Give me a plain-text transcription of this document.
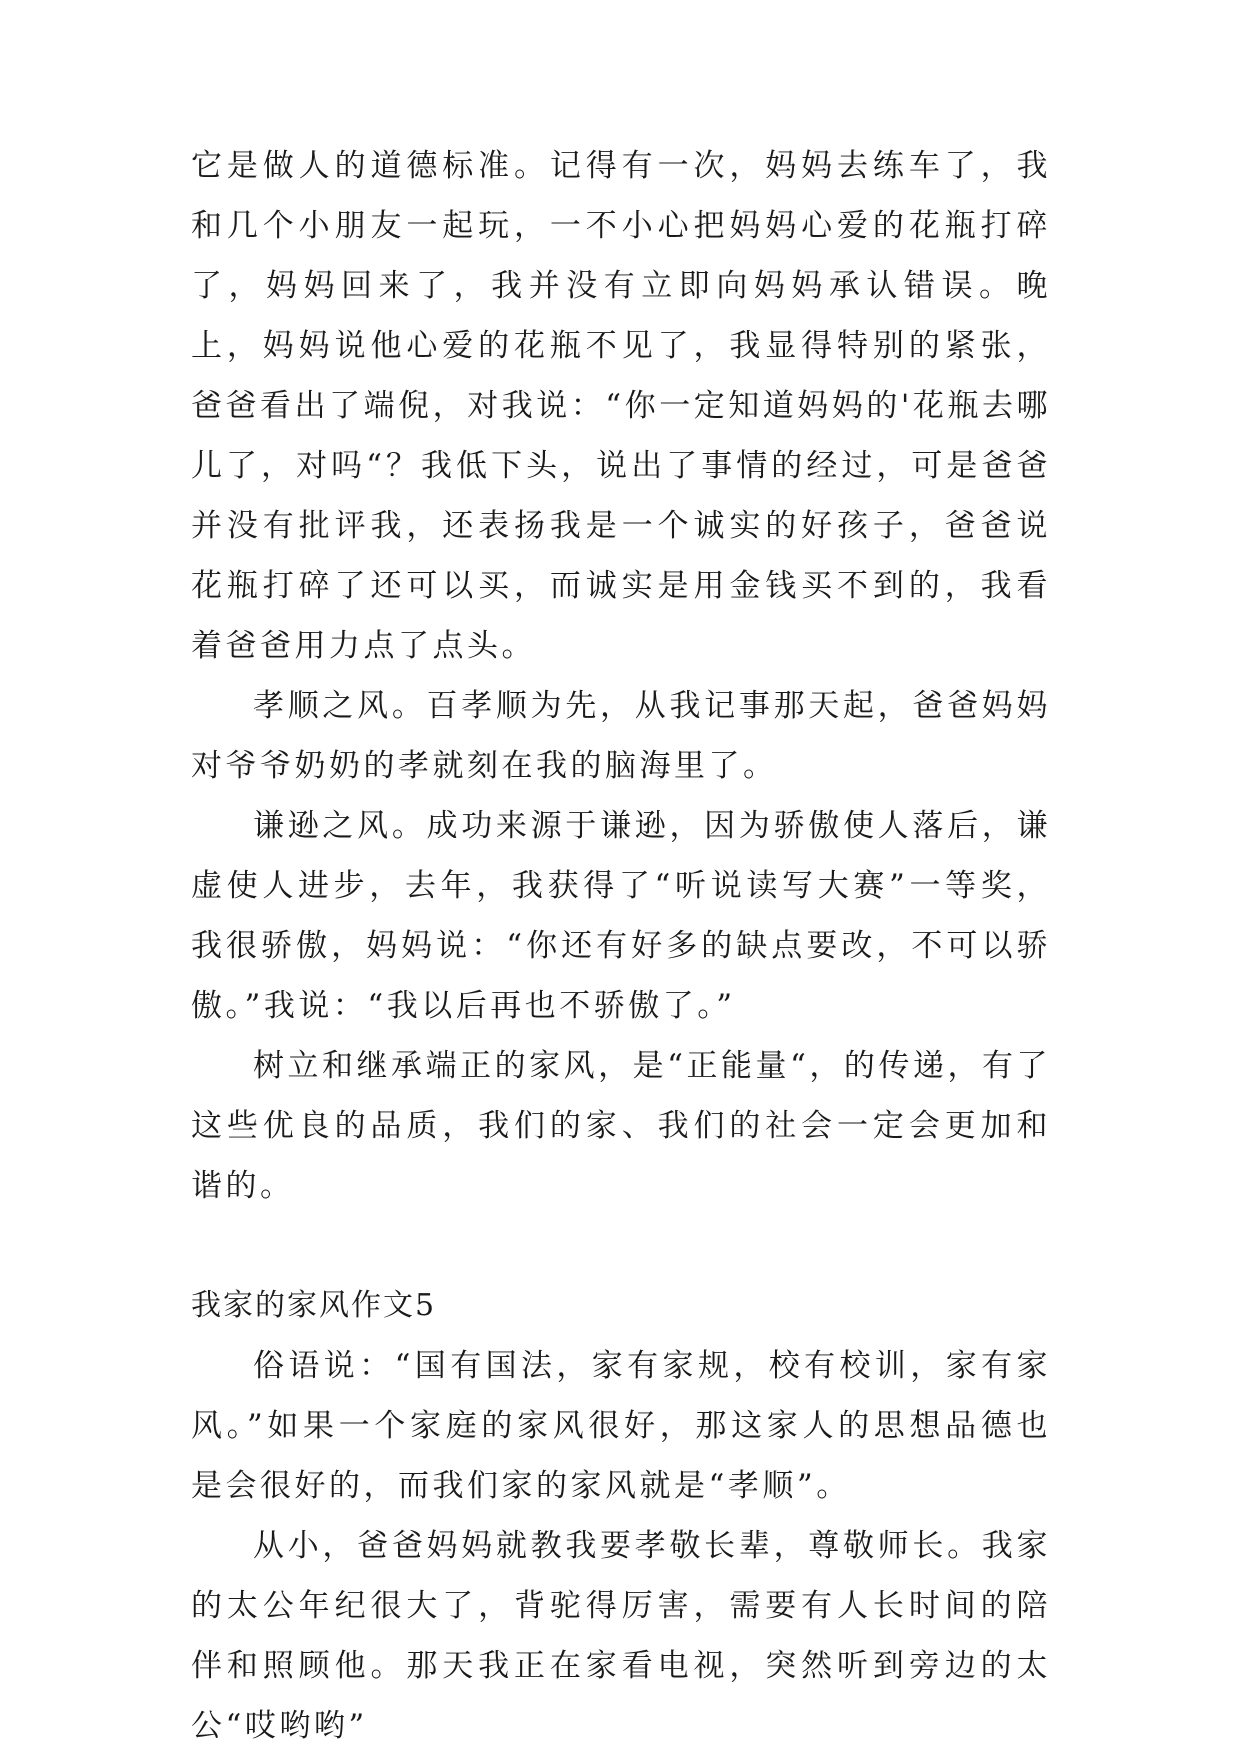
它是做人的道德标准。记得有一次，妈妈去练车了，我和几个小朋友一起玩，一不小心把妈妈心爱的花瓶打碎了，妈妈回来了，我并没有立即向妈妈承认错误。晚上，妈妈说他心爱的花瓶不见了，我显得特别的紧张，爸爸看出了端倪，对我说：“你一定知道妈妈的'花瓶去哪儿了，对吗“？我低下头，说出了事情的经过，可是爸爸并没有批评我，还表扬我是一个诚实的好孩子，爸爸说花瓶打碎了还可以买，而诚实是用金钱买不到的，我看着爸爸用力点了点头。

孝顺之风。百孝顺为先，从我记事那天起，爸爸妈妈对爷爷奶奶的孝就刻在我的脑海里了。

谦逊之风。成功来源于谦逊，因为骄傲使人落后，谦虚使人进步，去年，我获得了“听说读写大赛”一等奖，我很骄傲，妈妈说：“你还有好多的缺点要改，不可以骄傲。”我说：“我以后再也不骄傲了。”

树立和继承端正的家风，是“正能量“，的传递，有了这些优良的品质，我们的家、我们的社会一定会更加和谐的。

我家的家风作文5

俗语说：“国有国法，家有家规，校有校训，家有家风。”如果一个家庭的家风很好，那这家人的思想品德也是会很好的，而我们家的家风就是“孝顺”。

从小，爸爸妈妈就教我要孝敬长辈，尊敬师长。我家的太公年纪很大了，背驼得厉害，需要有人长时间的陪伴和照顾他。那天我正在家看电视，突然听到旁边的太公“哎哟哟”
